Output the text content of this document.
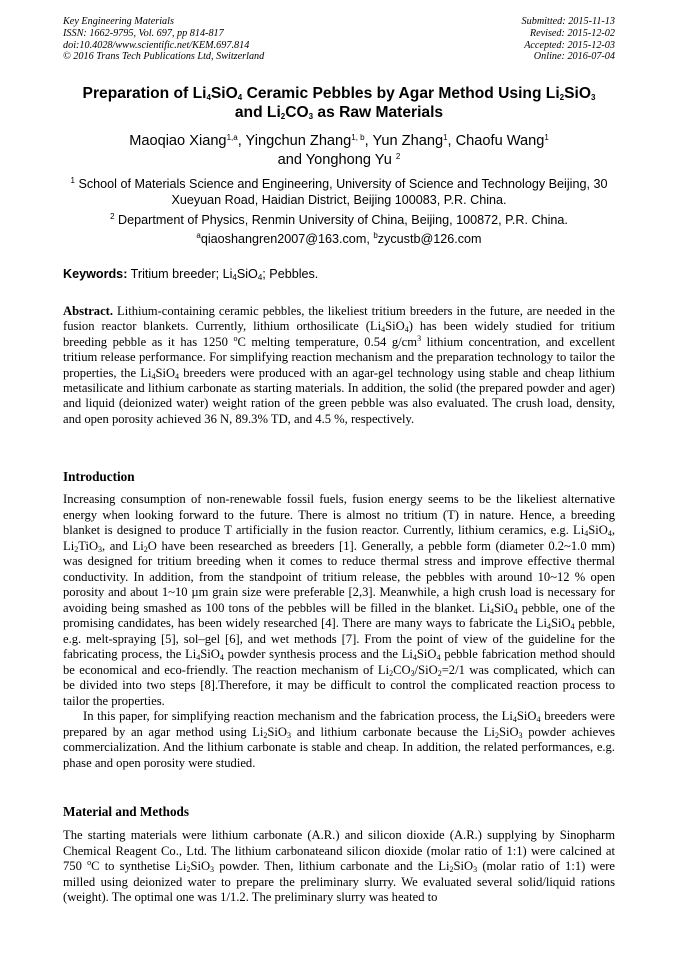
Key Engineering Materials
ISSN: 1662-9795, Vol. 697, pp 814-817
doi:10.4028/www.scientific.net/KEM.697.814
© 2016 Trans Tech Publications Ltd, Switzerland
Submitted: 2015-11-13
Revised: 2015-12-02
Accepted: 2015-12-03
Online: 2016-07-04
Preparation of $Li_4SiO_4$ Ceramic Pebbles by Agar Method Using $Li_2SiO_3$
and $Li_2CO_3$ as Raw Materials
Maoqiao Xiang$^{1,a}$, Yingchun Zhang$^{1, b}$, Yun Zhang$^1$, Chaofu Wang$^1$
and Yonghong Yu $^2$

$^1$ School of Materials Science and Engineering, University of Science and Technology Beijing, 30 Xueyuan Road, Haidian District, Beijing 100083, P.R. China.

$^2$ Department of Physics, Renmin University of China, Beijing, 100872, P.R. China.

$^a$qiaoshangren2007@163.com, $^b$zycustb@126.com
Keywords: Tritium breeder; $Li_4SiO_4$; Pebbles.
Abstract. Lithium-containing ceramic pebbles, the likeliest tritium breeders in the future, are needed in the fusion reactor blankets. Currently, lithium orthosilicate $(Li_4SiO_4)$ has been widely studied for tritium breeding pebble as it has 1250 $^o$C melting temperature, 0.54 $g/cm^3$ lithium concentration, and excellent tritium release performance. For simplifying reaction mechanism and the preparation technology to tailor the properties, the $Li_4SiO_4$ breeders were produced with an agar-gel technology using stable and cheap lithium metasilicate and lithium carbonate as starting materials. In addition, the solid (the prepared powder and ager) and liquid (deionized water) weight ration of the green pebble was also evaluated. The crush load, density, and open porosity achieved 36 N, 89.3% TD, and 4.5 %, respectively.
Introduction

Increasing consumption of non-renewable fossil fuels, fusion energy seems to be the likeliest alternative energy when looking forward to the future. There is almost no tritium (T) in nature. Hence, a breeding blanket is designed to produce T artificially in the fusion reactor. Currently, lithium ceramics, e.g. $Li_4SiO_4$, $Li_2TiO_3$, and $Li_2O$ have been researched as breeders [1]. Generally, a pebble form (diameter 0.2~1.0 mm) was designed for tritium breeding when it comes to reduce thermal stress and improve effective thermal conductivity. In addition, from the standpoint of tritium release, the pebbles with around 10~12 % open porosity and about 1~10 µm grain size were preferable [2,3]. Meanwhile, a high crush load is necessary for avoiding being smashed as 100 tons of the pebbles will be filled in the blanket. $Li_4SiO_4$ pebble, one of the promising candidates, has been widely researched [4]. There are many ways to fabricate the $Li_4SiO_4$ pebble, e.g. melt-spraying [5], sol–gel [6], and wet methods [7]. From the point of view of the guideline for the fabricating process, the $Li_4SiO_4$ powder synthesis process and the $Li_4SiO_4$ pebble fabrication method should be economical and eco-friendly. The reaction mechanism of $Li_2CO_3/SiO_2=2/1$ was complicated, which can be divided into two steps [8].Therefore, it may be difficult to control the complicated reaction process to tailor the properties.

In this paper, for simplifying reaction mechanism and the fabrication process, the $Li_4SiO_4$ breeders were prepared by an agar method using $Li_2SiO_3$ and lithium carbonate because the $Li_2SiO_3$ powder achieves commercialization. And the lithium carbonate is stable and cheap. In addition, the related performances, e.g. phase and open porosity were studied.

Material and Methods

The starting materials were lithium carbonate (A.R.) and silicon dioxide (A.R.) supplying by Sinopharm Chemical Reagent Co., Ltd. The lithium carbonateand silicon dioxide (molar ratio of 1:1) were calcined at 750 $^o$C to synthetise $Li_2SiO_3$ powder. Then, lithium carbonate and the $Li_2SiO_3$ (molar ratio of 1:1) were milled using deionized water to prepare the preliminary slurry. We evaluated several solid/liquid rations (weight). The optimal one was 1/1.2. The preliminary slurry was heated to
